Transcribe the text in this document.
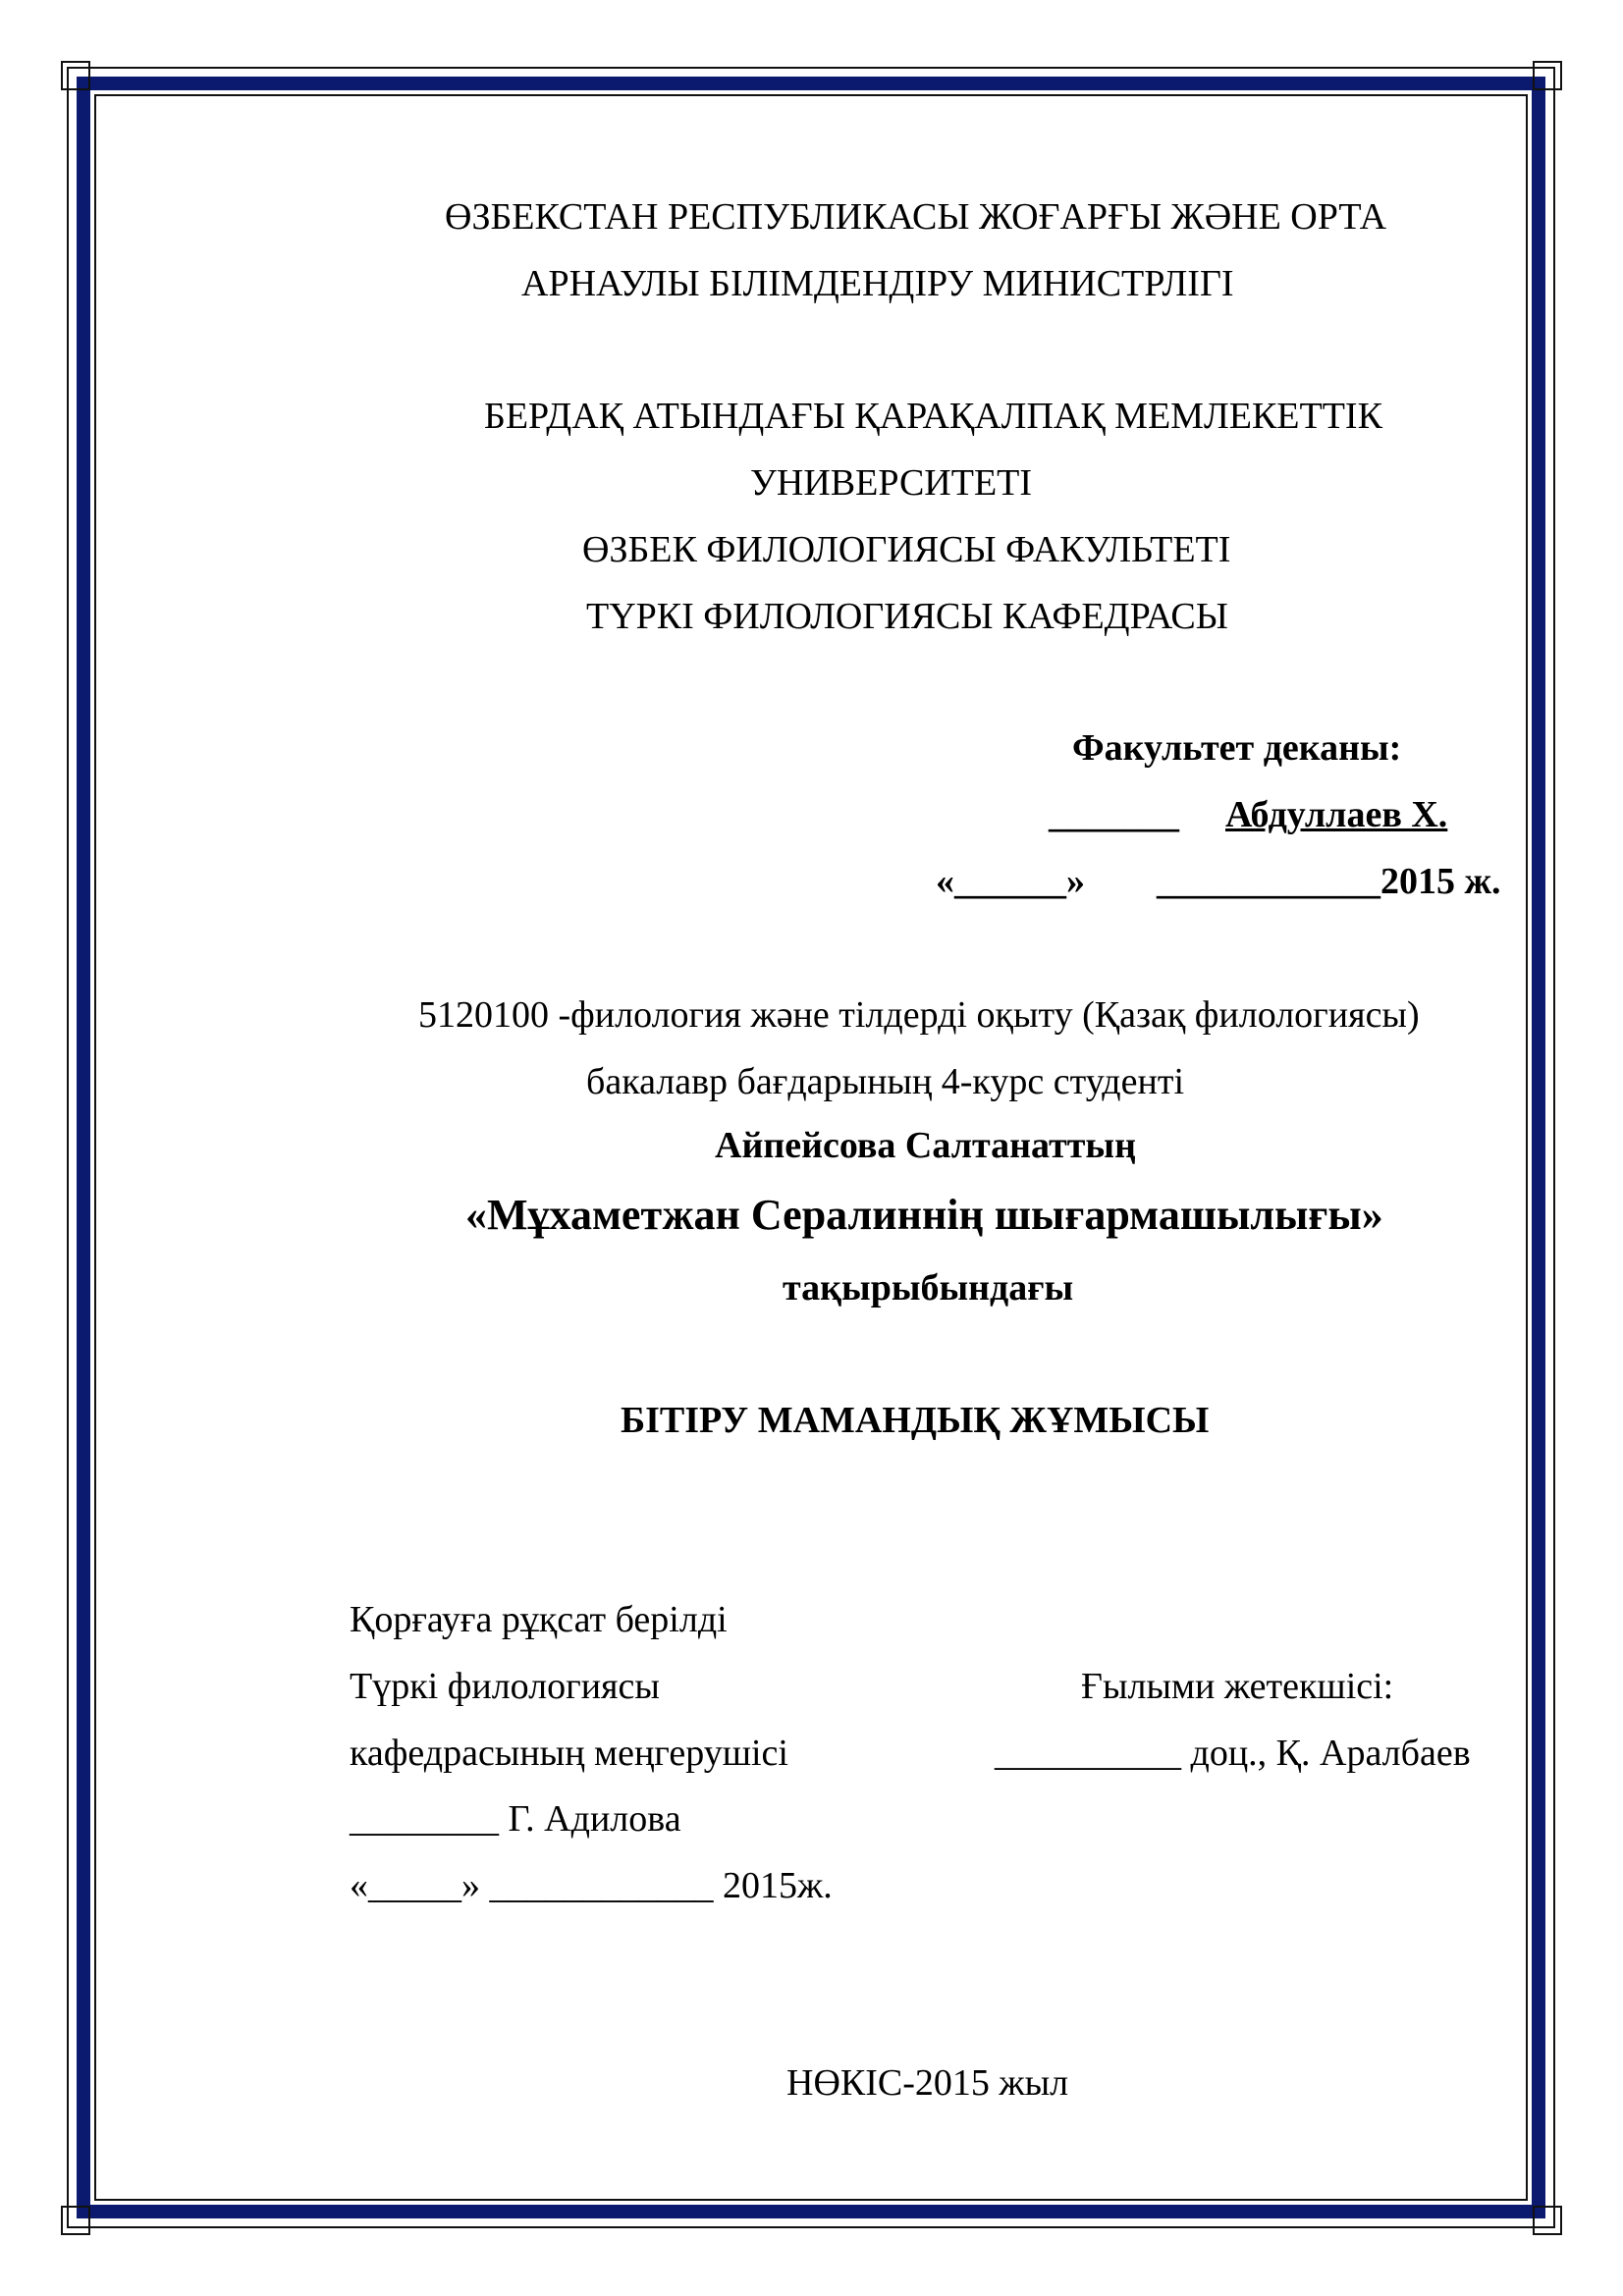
ӨЗБЕКСТАН РЕСПУБЛИКАСЫ ЖОҒАРҒЫ ЖӘНЕ ОРТА
АРНАУЛЫ БІЛІМДЕНДІРУ МИНИСТРЛІГІ
БЕРДАҚ АТЫНДАҒЫ ҚАРАҚАЛПАҚ МЕМЛЕКЕТТІК
УНИВЕРСИТЕТІ
ӨЗБЕК ФИЛОЛОГИЯСЫ ФАКУЛЬТЕТІ
ТҮРКІ ФИЛОЛОГИЯСЫ КАФЕДРАСЫ
Факультет деканы:
_______ Абдуллаев Х.
«______» ____________2015 ж.
5120100 -филология және тілдерді оқыту (Қазақ филологиясы)
бакалавр бағдарының 4-курс студенті
Айпейсова Салтанаттың
«Мұхаметжан Сералиннің шығармашылығы»
тақырыбындағы
БІТІРУ МАМАНДЫҚ ЖҰМЫСЫ
Қорғауға рұқсат берілді
Түркі филологиясы
кафедрасының меңгерушісі
________ Г. Адилова
«_____» ____________ 2015ж.
Ғылыми жетекшісі:
__________ доц., Қ. Аралбаев
НӨКІС-2015 жыл
